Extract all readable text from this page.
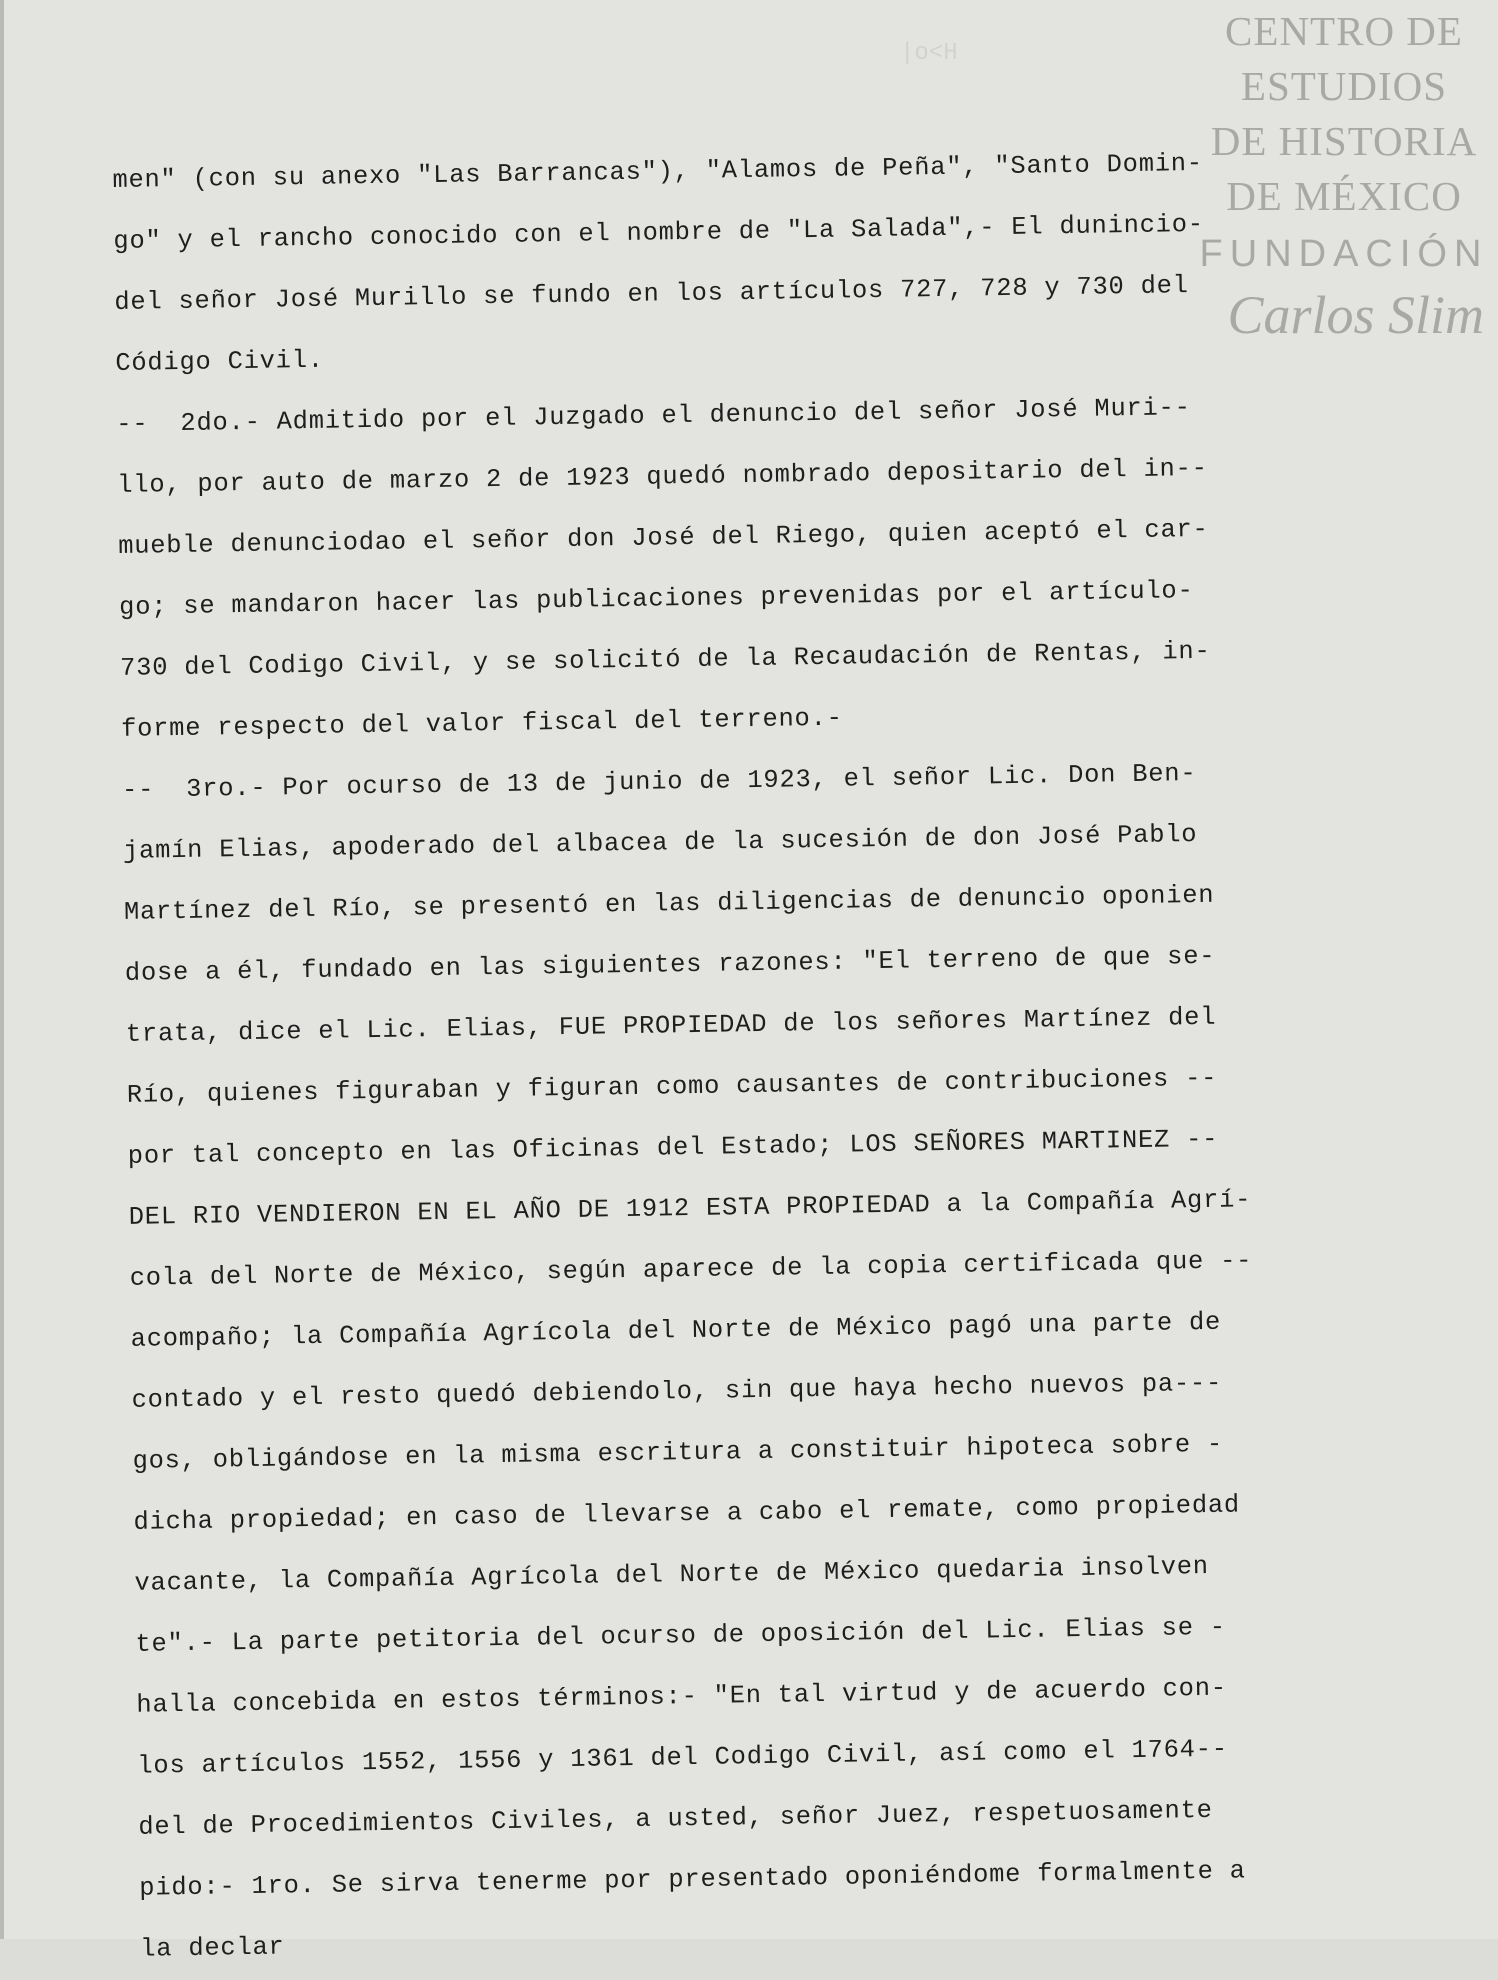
|o<H	CENTRO DE
ESTUDIOS
DE HISTORIA
DE MÉXICO
FUNDACIÓN
Carlos Slim
men" (con su anexo "Las Barrancas"), "Alamos de Peña", "Santo Domin-
go" y el rancho conocido con el nombre de "La Salada",- El dunincio-
del señor José Murillo se fundo en los artículos 727, 728 y 730 del
Código Civil.
--  2do.- Admitido por el Juzgado el denuncio del señor José Muri--
llo, por auto de marzo 2 de 1923 quedó nombrado depositario del in--
mueble denunciodao el señor don José del Riego, quien aceptó el car-
go; se mandaron hacer las publicaciones prevenidas por el artículo-
730 del Codigo Civil, y se solicitó de la Recaudación de Rentas, in-
forme respecto del valor fiscal del terreno.-
--  3ro.- Por ocurso de 13 de junio de 1923, el señor Lic. Don Ben-
jamín Elias, apoderado del albacea de la sucesión de don José Pablo
Martínez del Río, se presentó en las diligencias de denuncio oponien
dose a él, fundado en las siguientes razones: "El terreno de que se-
trata, dice el Lic. Elias, FUE PROPIEDAD de los señores Martínez del
Río, quienes figuraban y figuran como causantes de contribuciones --
por tal concepto en las Oficinas del Estado; LOS SEÑORES MARTINEZ --
DEL RIO VENDIERON EN EL AÑO DE 1912 ESTA PROPIEDAD a la Compañía Agrí-
cola del Norte de México, según aparece de la copia certificada que --
acompaño; la Compañía Agrícola del Norte de México pagó una parte de
contado y el resto quedó debiendolo, sin que haya hecho nuevos pa---
gos, obligándose en la misma escritura a constituir hipoteca sobre -
dicha propiedad; en caso de llevarse a cabo el remate, como propiedad
vacante, la Compañía Agrícola del Norte de México quedaria insolven
te".- La parte petitoria del ocurso de oposición del Lic. Elias se -
halla concebida en estos términos:- "En tal virtud y de acuerdo con-
los artículos 1552, 1556 y 1361 del Codigo Civil, así como el 1764--
del de Procedimientos Civiles, a usted, señor Juez, respetuosamente
pido:- 1ro. Se sirva tenerme por presentado oponiéndome formalmente a
la declar
